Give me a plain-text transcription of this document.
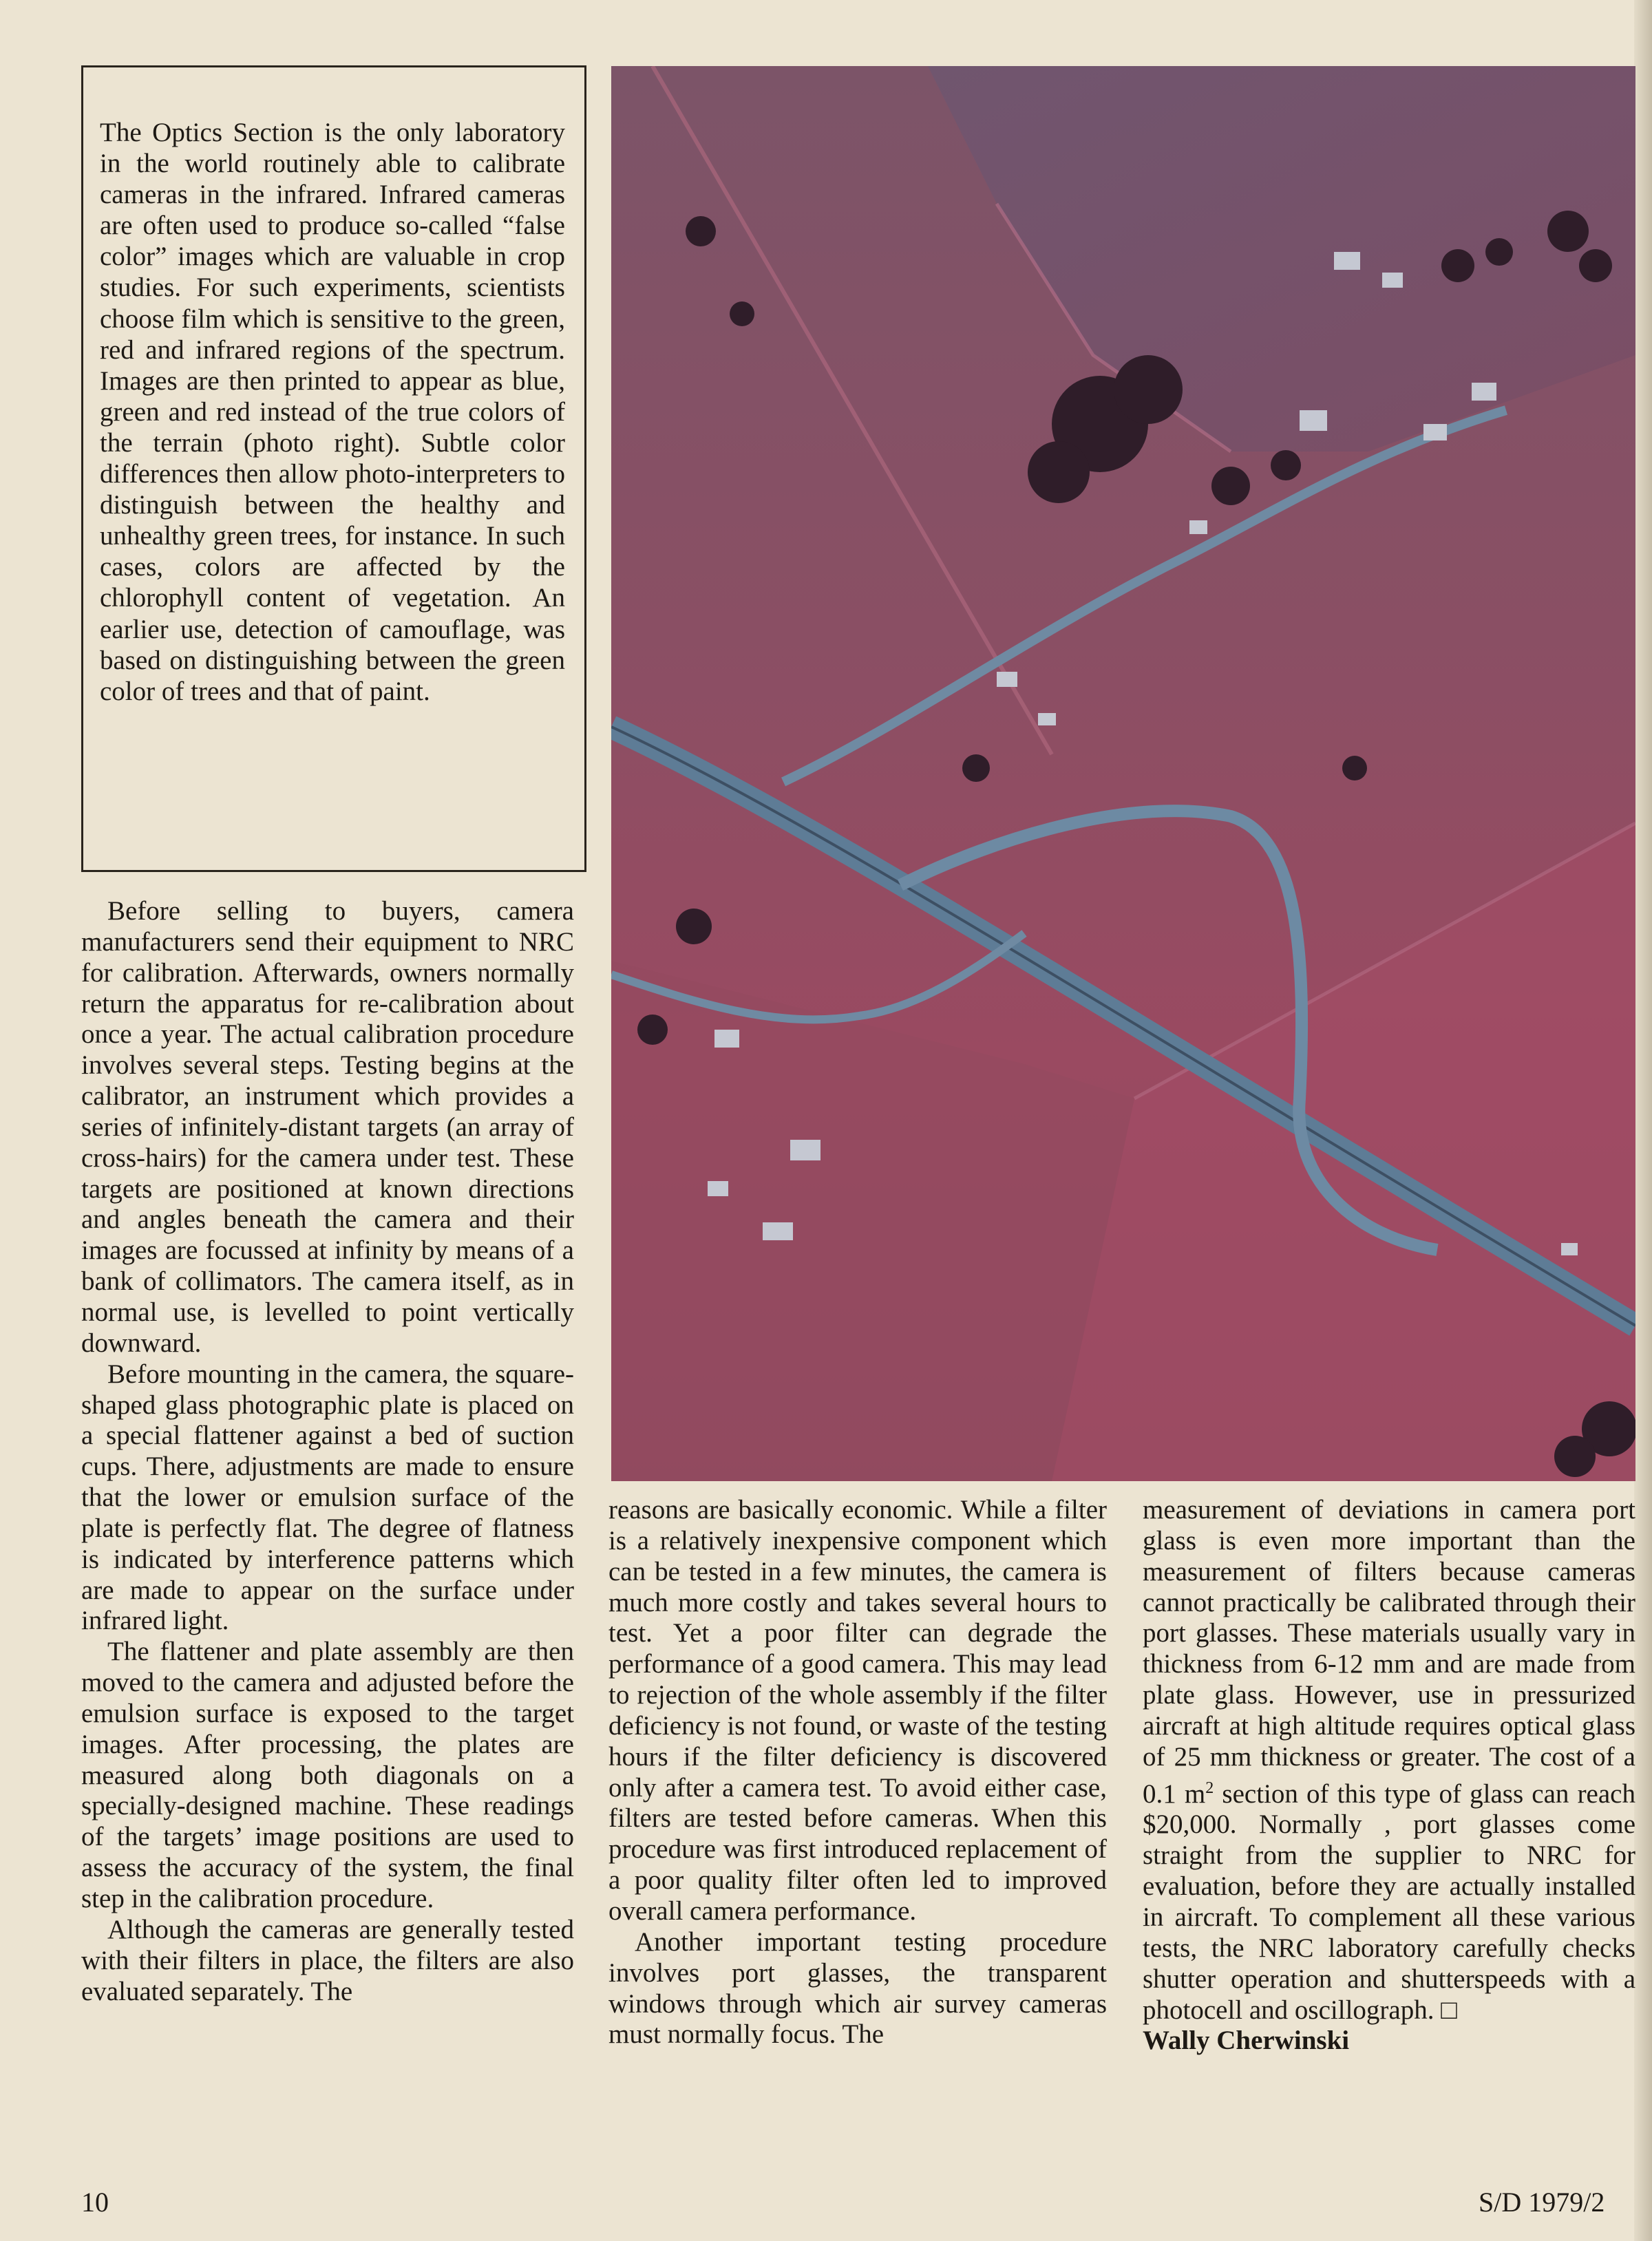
The Optics Section is the only laboratory in the world routinely able to calibrate cameras in the infrared. Infrared cameras are often used to produce so-called “false color” images which are valuable in crop studies. For such experiments, scientists choose film which is sensitive to the green, red and infrared regions of the spectrum. Images are then printed to appear as blue, green and red instead of the true colors of the terrain (photo right). Subtle color differences then allow photo-interpreters to distinguish between the healthy and unhealthy green trees, for instance. In such cases, colors are affected by the chlorophyll content of vegetation. An earlier use, detection of camouflage, was based on distinguishing between the green color of trees and that of paint.

Before selling to buyers, camera manufacturers send their equipment to NRC for calibration. Afterwards, owners normally return the apparatus for re-calibration about once a year. The actual calibration procedure involves several steps. Testing begins at the calibrator, an instrument which provides a series of infinitely-distant targets (an array of cross-hairs) for the camera under test. These targets are positioned at known directions and angles beneath the camera and their images are focussed at infinity by means of a bank of collimators. The camera itself, as in normal use, is levelled to point vertically downward.

Before mounting in the camera, the square-shaped glass photographic plate is placed on a special flattener against a bed of suction cups. There, adjustments are made to ensure that the lower or emulsion surface of the plate is perfectly flat. The degree of flatness is indicated by interference patterns which are made to appear on the surface under infrared light.

The flattener and plate assembly are then moved to the camera and adjusted before the emulsion surface is exposed to the target images. After processing, the plates are measured along both diagonals on a specially-designed machine. These readings of the targets’ image positions are used to assess the accuracy of the system, the final step in the calibration procedure.

Although the cameras are generally tested with their filters in place, the filters are also evaluated separately. The

reasons are basically economic. While a filter is a relatively inexpensive component which can be tested in a few minutes, the camera is much more costly and takes several hours to test. Yet a poor filter can degrade the performance of a good camera. This may lead to rejection of the whole assembly if the filter deficiency is not found, or waste of the testing hours if the filter deficiency is discovered only after a camera test. To avoid either case, filters are tested before cameras. When this procedure was first introduced replacement of a poor quality filter often led to improved overall camera performance.

Another important testing procedure involves port glasses, the transparent windows through which air survey cameras must normally focus. The

measurement of deviations in camera port glass is even more important than the measurement of filters because cameras cannot practically be calibrated through their port glasses. These materials usually vary in thickness from 6-12 mm and are made from plate glass. However, use in pressurized aircraft at high altitude requires optical glass of 25 mm thickness or greater. The cost of a 0.1 $m^2$ section of this type of glass can reach $20,000. Normally , port glasses come straight from the supplier to NRC for evaluation, before they are actually installed in aircraft. To complement all these various tests, the NRC laboratory carefully checks shutter operation and shutterspeeds with a photocell and oscillograph. □

Wally Cherwinski

10	S/D 1979/2
